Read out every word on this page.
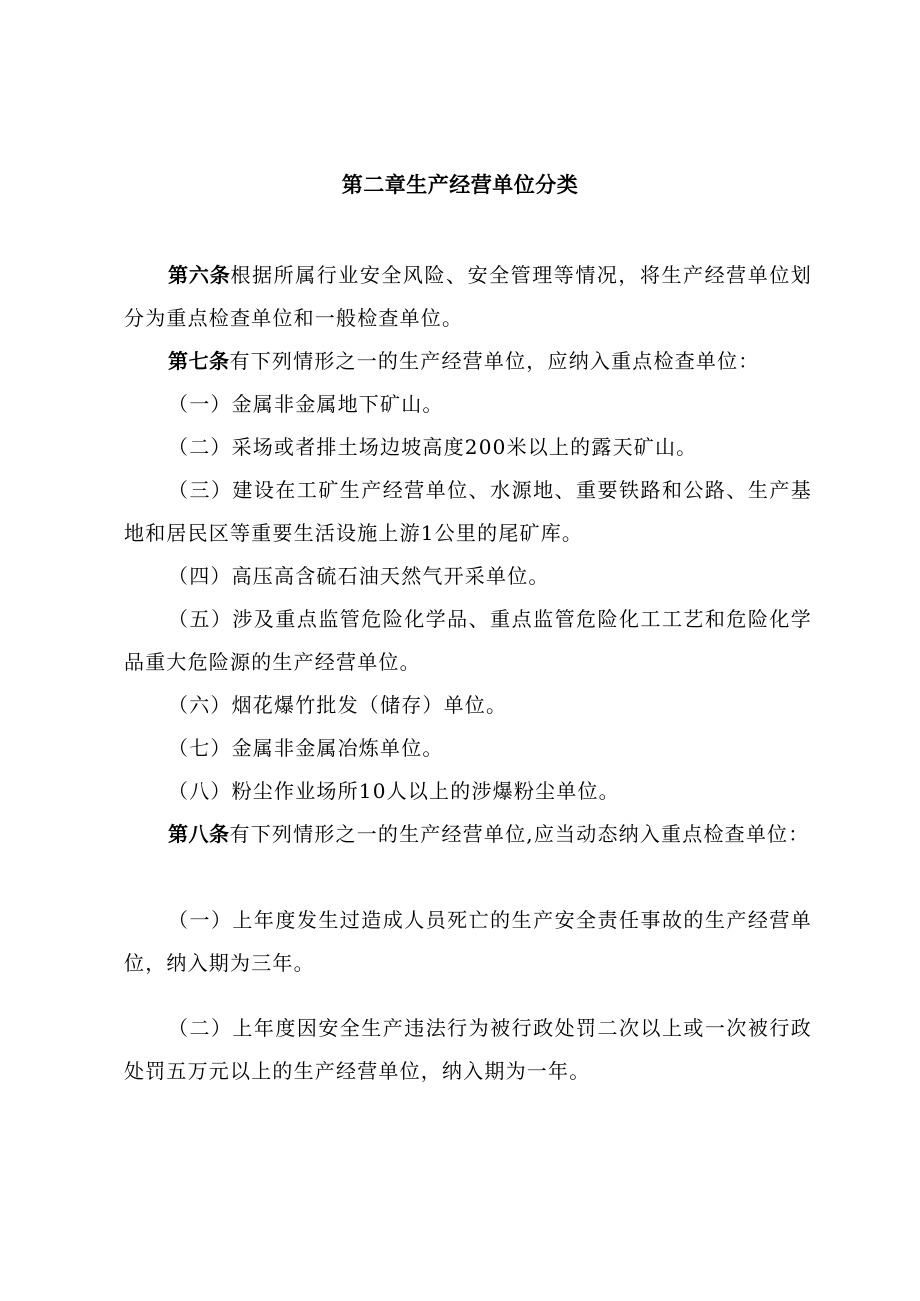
第二章生产经营单位分类

第六条根据所属行业安全风险、安全管理等情况，将生产经营单位划分为重点检查单位和一般检查单位。

第七条有下列情形之一的生产经营单位，应纳入重点检查单位：

（一）金属非金属地下矿山。

（二）采场或者排土场边坡高度200米以上的露天矿山。

（三）建设在工矿生产经营单位、水源地、重要铁路和公路、生产基地和居民区等重要生活设施上游1公里的尾矿库。

（四）高压高含硫石油天然气开采单位。

（五）涉及重点监管危险化学品、重点监管危险化工工艺和危险化学品重大危险源的生产经营单位。

（六）烟花爆竹批发（储存）单位。

（七）金属非金属冶炼单位。

（八）粉尘作业场所10人以上的涉爆粉尘单位。

第八条有下列情形之一的生产经营单位,应当动态纳入重点检查单位：

（一）上年度发生过造成人员死亡的生产安全责任事故的生产经营单位，纳入期为三年。

（二）上年度因安全生产违法行为被行政处罚二次以上或一次被行政处罚五万元以上的生产经营单位，纳入期为一年。
